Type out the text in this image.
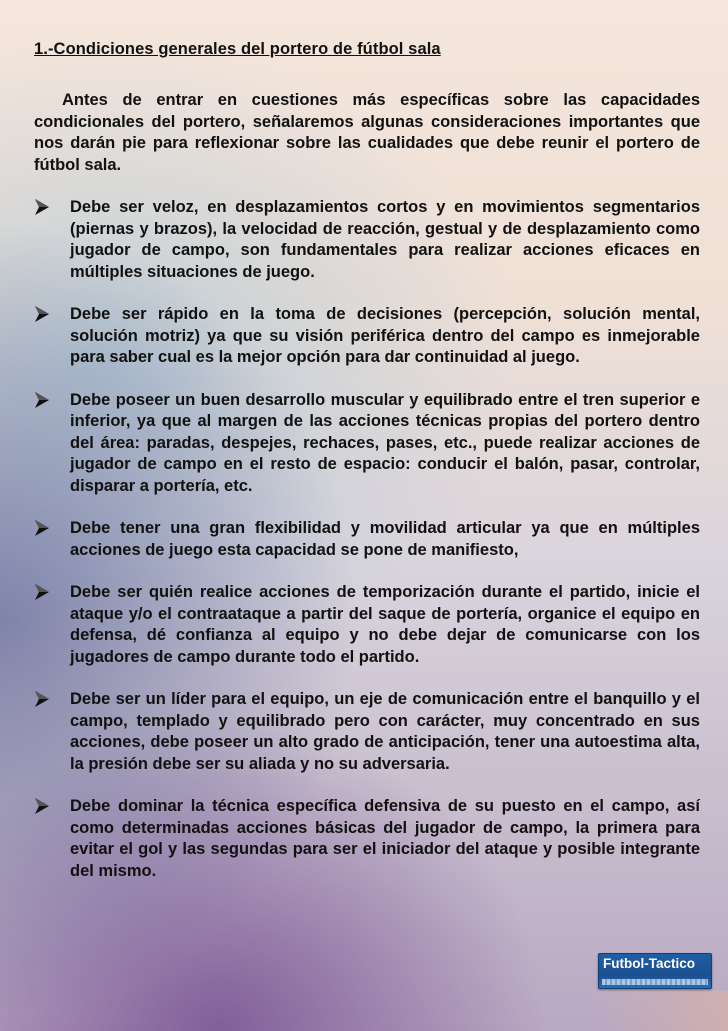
1.-Condiciones generales del portero de fútbol sala

Antes de entrar en cuestiones más específicas sobre las capacidades condicionales del portero, señalaremos algunas consideraciones importantes que nos darán pie para reflexionar sobre las cualidades que debe reunir el portero de fútbol sala.

Debe ser veloz, en desplazamientos cortos y en movimientos segmentarios (piernas y brazos), la velocidad de reacción, gestual y de desplazamiento como jugador de campo, son fundamentales para realizar acciones eficaces en múltiples situaciones de juego.
Debe ser rápido en la toma de decisiones (percepción, solución mental, solución motriz) ya que su visión periférica dentro del campo es inmejorable para saber cual es la mejor opción para dar continuidad al juego.
Debe poseer un buen desarrollo muscular y equilibrado entre el tren superior e inferior, ya que al margen de las acciones técnicas propias del portero dentro del área: paradas, despejes, rechaces, pases, etc., puede realizar acciones de jugador de campo en el resto de espacio: conducir el balón, pasar, controlar, disparar a portería, etc.
Debe tener una gran flexibilidad y movilidad articular ya que en múltiples acciones de juego esta capacidad se pone de manifiesto,
Debe ser quién realice acciones de temporización durante el partido, inicie el ataque y/o el contraataque a partir del saque de portería, organice el equipo en defensa, dé confianza al equipo y no debe dejar de comunicarse con los jugadores de campo durante todo el partido.
Debe ser un líder para el equipo, un eje de comunicación entre el banquillo y el campo, templado y equilibrado pero con carácter, muy concentrado en sus acciones, debe poseer un alto grado de anticipación, tener una autoestima alta, la presión debe ser su aliada y no su adversaria.
Debe dominar la técnica específica defensiva de su puesto en el campo, así como determinadas acciones básicas del jugador de campo, la primera para evitar el gol y las segundas para ser el iniciador del ataque y posible integrante del mismo.
Futbol-Tactico
